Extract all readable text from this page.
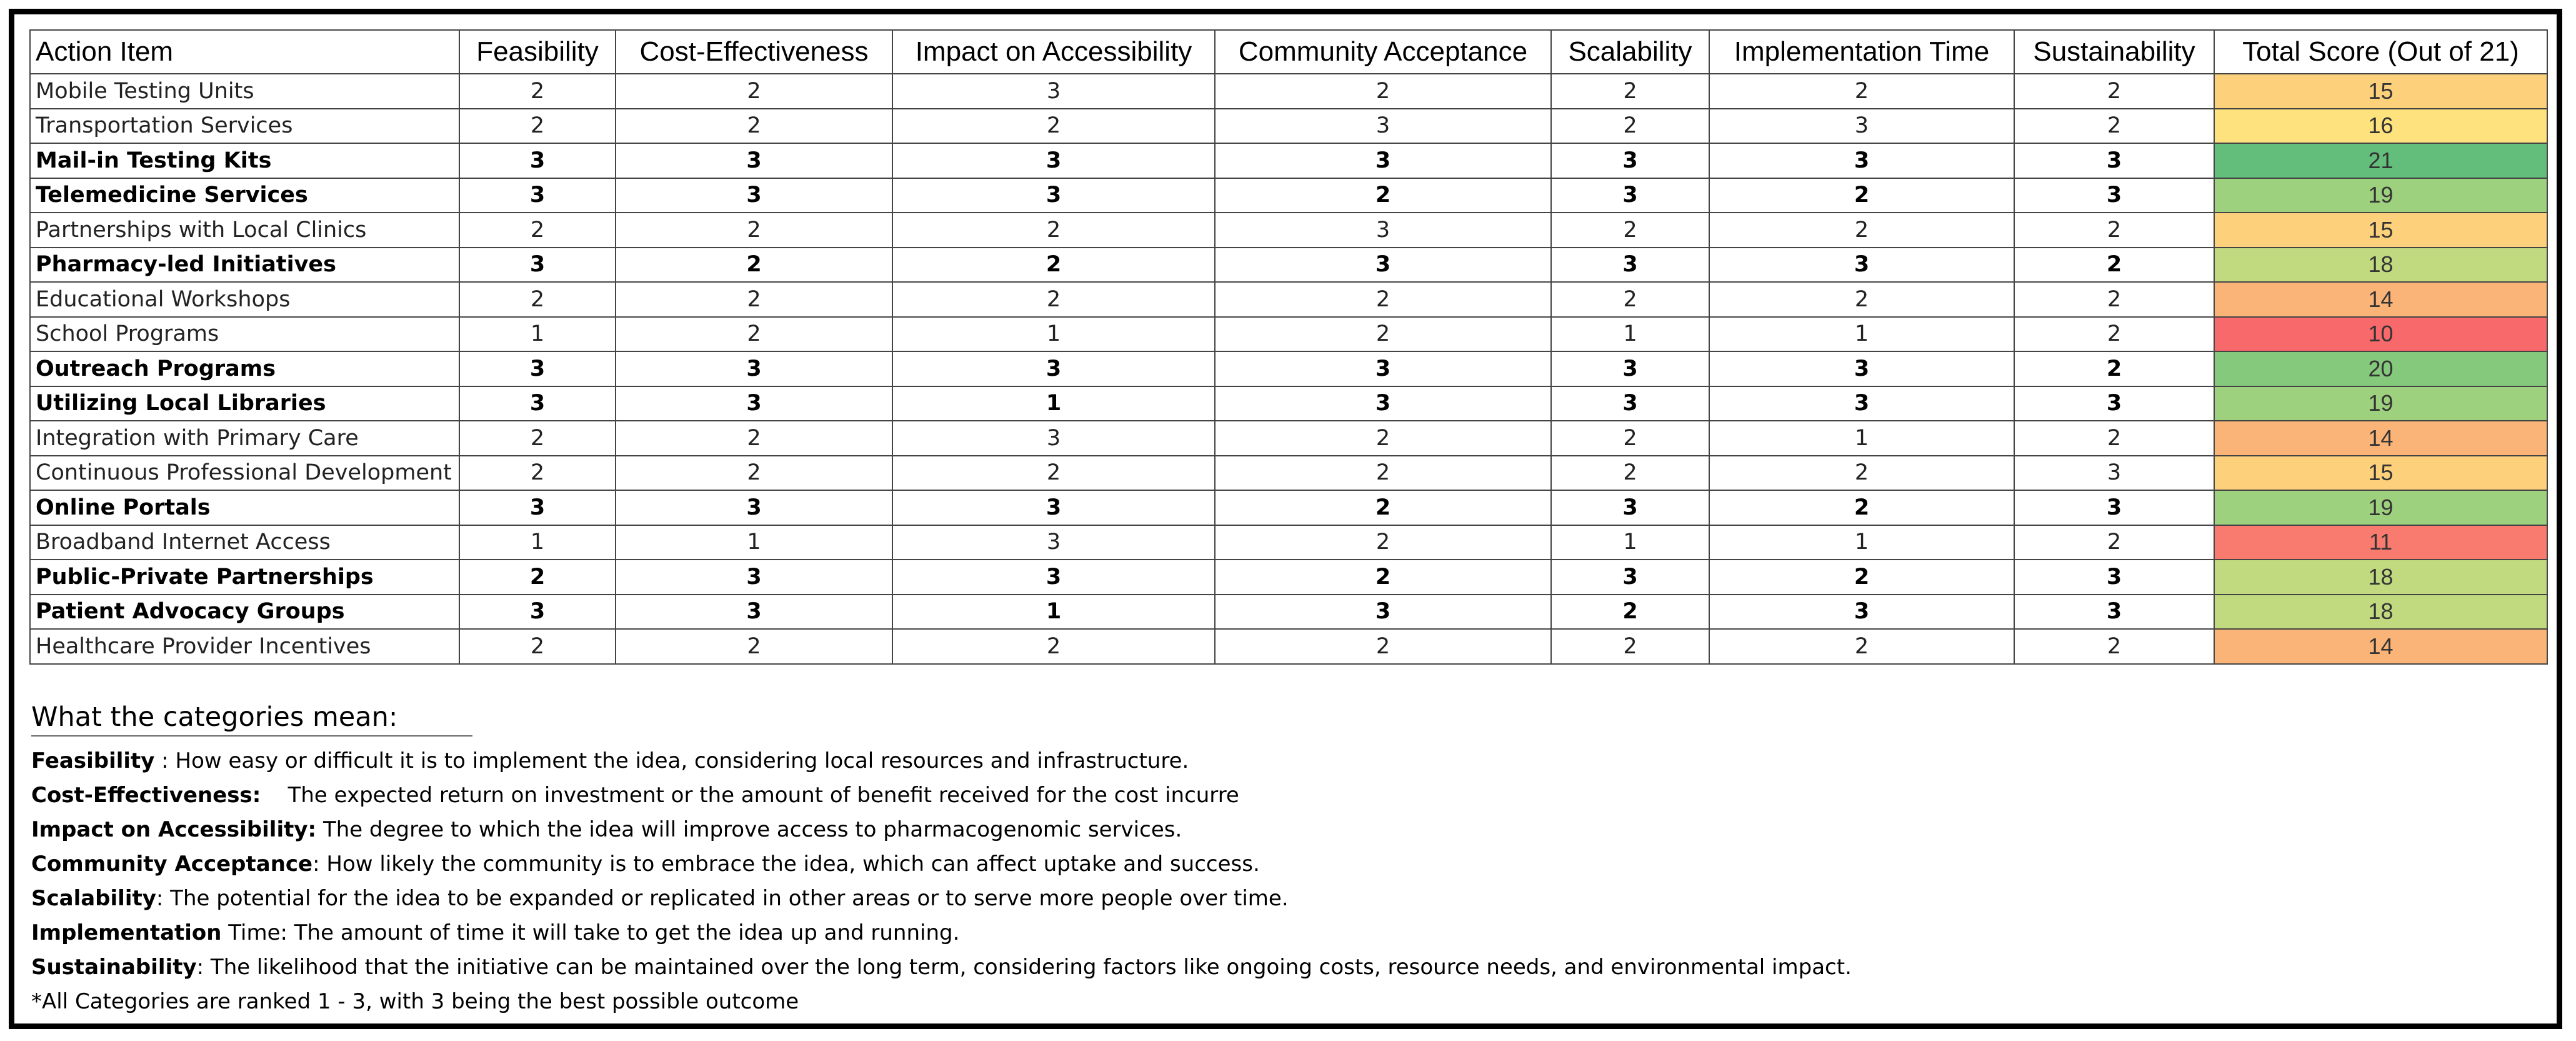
Action Item	Feasibility	Cost-Effectiveness	Impact on Accessibility	Community Acceptance	Scalability	Implementation Time	Sustainability	Total Score (Out of 21)
Mobile Testing Units	2	2	3	2	2	2	2	15
Transportation Services	2	2	2	3	2	3	2	16
Mail-in Testing Kits	3	3	3	3	3	3	3	21
Telemedicine Services	3	3	3	2	3	2	3	19
Partnerships with Local Clinics	2	2	2	3	2	2	2	15
Pharmacy-led Initiatives	3	2	2	3	3	3	2	18
Educational Workshops	2	2	2	2	2	2	2	14
School Programs	1	2	1	2	1	1	2	10
Outreach Programs	3	3	3	3	3	3	2	20
Utilizing Local Libraries	3	3	1	3	3	3	3	19
Integration with Primary Care	2	2	3	2	2	1	2	14
Continuous Professional Development	2	2	2	2	2	2	3	15
Online Portals	3	3	3	2	3	2	3	19
Broadband Internet Access	1	1	3	2	1	1	2	11
Public-Private Partnerships	2	3	3	2	3	2	3	18
Patient Advocacy Groups	3	3	1	3	2	3	3	18
Healthcare Provider Incentives	2	2	2	2	2	2	2	14
What the categories mean:
Feasibility : How easy or difficult it is to implement the idea, considering local resources and infrastructure.
Cost-Effectiveness:    The expected return on investment or the amount of benefit received for the cost incurre
Impact on Accessibility: The degree to which the idea will improve access to pharmacogenomic services.
Community Acceptance: How likely the community is to embrace the idea, which can affect uptake and success.
Scalability: The potential for the idea to be expanded or replicated in other areas or to serve more people over time.
Implementation Time: The amount of time it will take to get the idea up and running.
Sustainability: The likelihood that the initiative can be maintained over the long term, considering factors like ongoing costs, resource needs, and environmental impact.
*All Categories are ranked 1 - 3, with 3 being the best possible outcome
